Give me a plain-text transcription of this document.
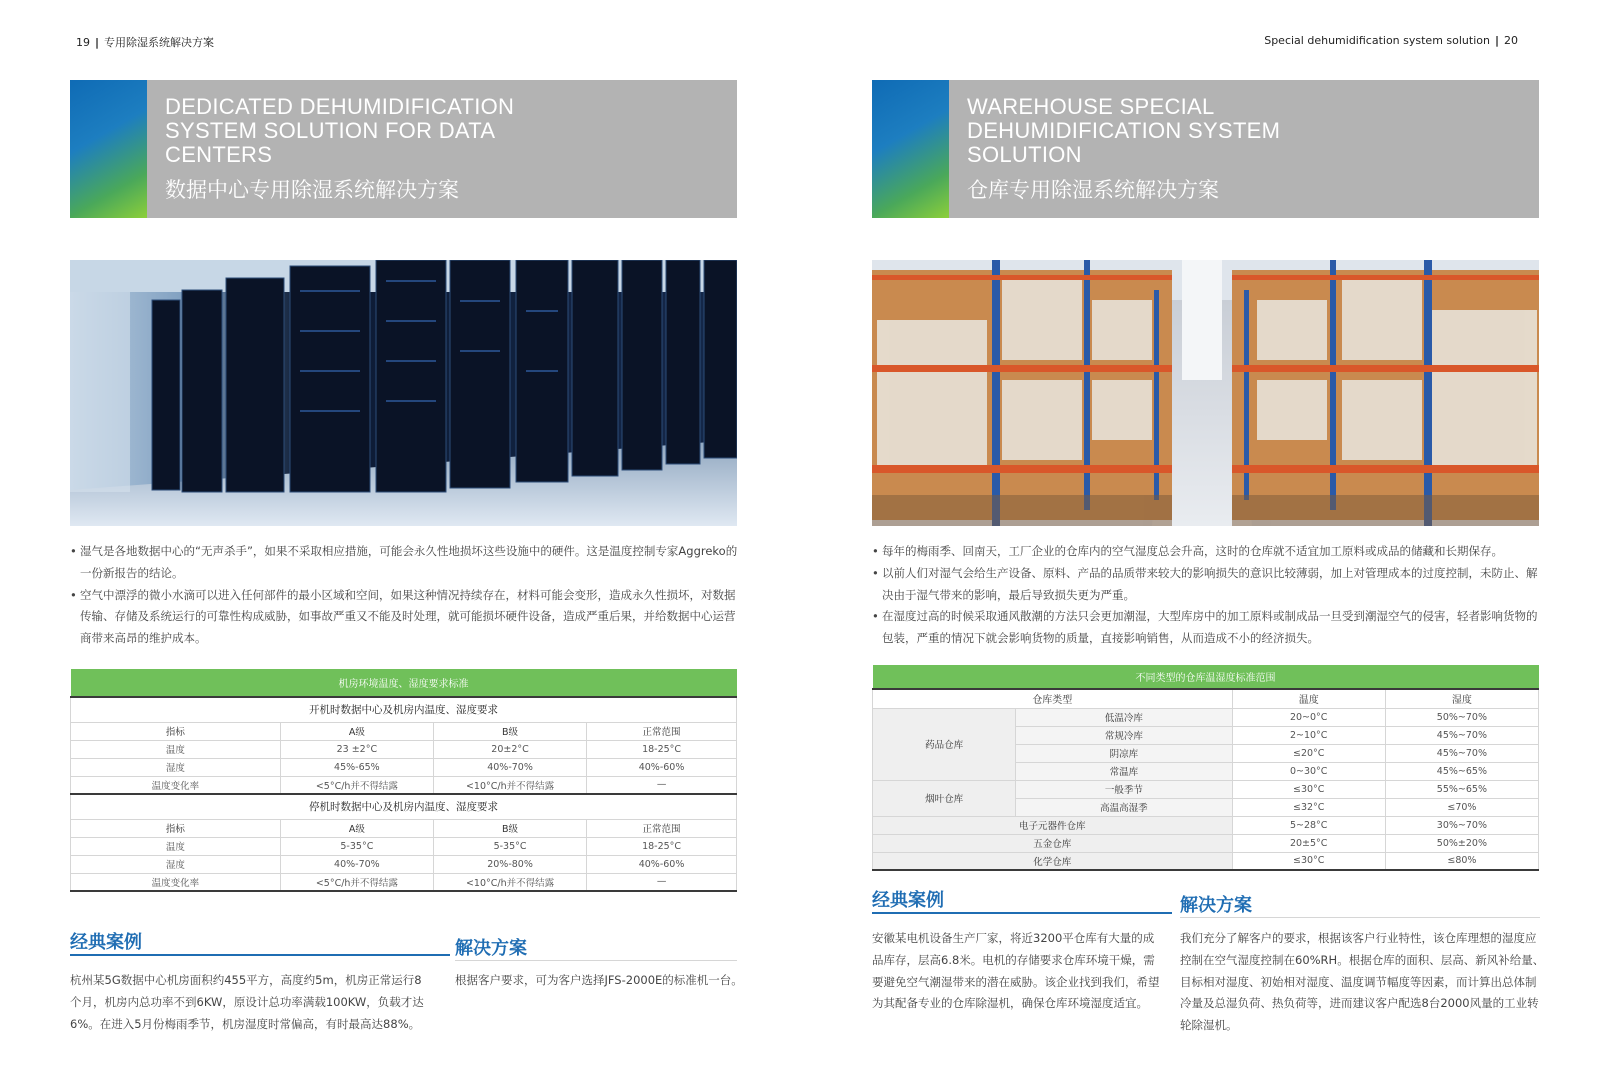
19 | 专用除湿系统解决方案
DEDICATED DEHUMIDIFICATION
SYSTEM SOLUTION FOR DATA
CENTERS
数据中心专用除湿系统解决方案
• 湿气是各地数据中心的“无声杀手”，如果不采取相应措施，可能会永久性地损坏这些设施中的硬件。这是温度控制专家Aggreko的一份新报告的结论。
• 空气中漂浮的微小水滴可以进入任何部件的最小区域和空间，如果这种情况持续存在，材料可能会变形，造成永久性损坏，对数据传输、存储及系统运行的可靠性构成威胁，如事故严重又不能及时处理，就可能损坏硬件设备，造成严重后果，并给数据中心运营商带来高昂的维护成本。
机房环境温度、湿度要求标准			
开机时数据中心及机房内温度、湿度要求			
指标	A级	B级	正常范围
温度	23 ±2°C	20±2°C	18-25°C
湿度	45%-65%	40%-70%	40%-60%
温度变化率	<5°C/h并不得结露	<10°C/h并不得结露	—
停机时数据中心及机房内温度、湿度要求			
指标	A级	B级	正常范围
温度	5-35°C	5-35°C	18-25°C
湿度	40%-70%	20%-80%	40%-60%
温度变化率	<5°C/h并不得结露	<10°C/h并不得结露	—
经典案例
杭州某5G数据中心机房面积约455平方，高度约5m，机房正常运行8个月，机房内总功率不到6KW，原设计总功率满载100KW，负载才达6%。在进入5月份梅雨季节，机房湿度时常偏高，有时最高达88%。
解决方案
根据客户要求，可为客户选择JFS-2000E的标准机一台。
Special dehumidification system solution | 20
WAREHOUSE SPECIAL
DEHUMIDIFICATION SYSTEM
SOLUTION
仓库专用除湿系统解决方案
• 每年的梅雨季、回南天，工厂企业的仓库内的空气湿度总会升高，这时的仓库就不适宜加工原料或成品的储藏和长期保存。
• 以前人们对湿气会给生产设备、原料、产品的品质带来较大的影响损失的意识比较薄弱，加上对管理成本的过度控制，未防止、解决由于湿气带来的影响，最后导致损失更为严重。
• 在湿度过高的时候采取通风散潮的方法只会更加潮湿，大型库房中的加工原料或制成品一旦受到潮湿空气的侵害，轻者影响货物的包装，严重的情况下就会影响货物的质量，直接影响销售，从而造成不小的经济损失。
不同类型的仓库温湿度标准范围			
仓库类型		温度	湿度
药品仓库	低温冷库	20~0°C	50%~70%
	常规冷库	2~10°C	45%~70%
	阴凉库	≤20°C	45%~70%
	常温库	0~30°C	45%~65%
烟叶仓库	一般季节	≤30°C	55%~65%
	高温高湿季	≤32°C	≤70%
电子元器件仓库		5~28°C	30%~70%
五金仓库		20±5°C	50%±20%
化学仓库		≤30°C	≤80%
经典案例
安徽某电机设备生产厂家，将近3200平仓库有大量的成品库存，层高6.8米。电机的存储要求仓库环境干燥，需要避免空气潮湿带来的潜在威胁。该企业找到我们，希望为其配备专业的仓库除湿机，确保仓库环境湿度适宜。
解决方案
我们充分了解客户的要求，根据该客户行业特性，该仓库理想的湿度应控制在空气湿度控制在60%RH。根据仓库的面积、层高、新风补给量、目标相对湿度、初始相对湿度、温度调节幅度等因素，而计算出总体制冷量及总湿负荷、热负荷等，进而建议客户配选8台2000风量的工业转轮除湿机。
